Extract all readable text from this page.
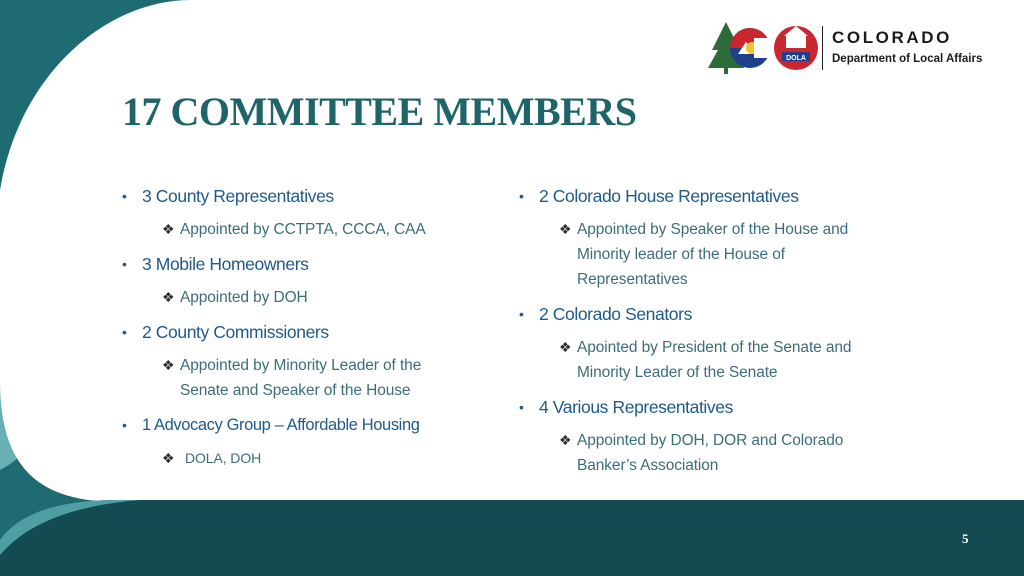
DOLA
COLORADO
Department of Local Affairs
17 COMMITTEE MEMBERS
• 3 County Representatives
❖ Appointed by CCTPTA, CCCA, CAA
• 3 Mobile Homeowners
❖ Appointed by DOH
• 2 County Commissioners
❖ Appointed by Minority Leader of the Senate and Speaker of the House
• 1 Advocacy Group – Affordable Housing
❖ DOLA, DOH
• 2 Colorado House Representatives
❖ Appointed by Speaker of the House and Minority leader of the House of Representatives
• 2 Colorado Senators
❖ Apointed by President of the Senate and Minority Leader of the Senate
• 4 Various Representatives
❖ Appointed by DOH, DOR and Colorado Banker’s Association
5
